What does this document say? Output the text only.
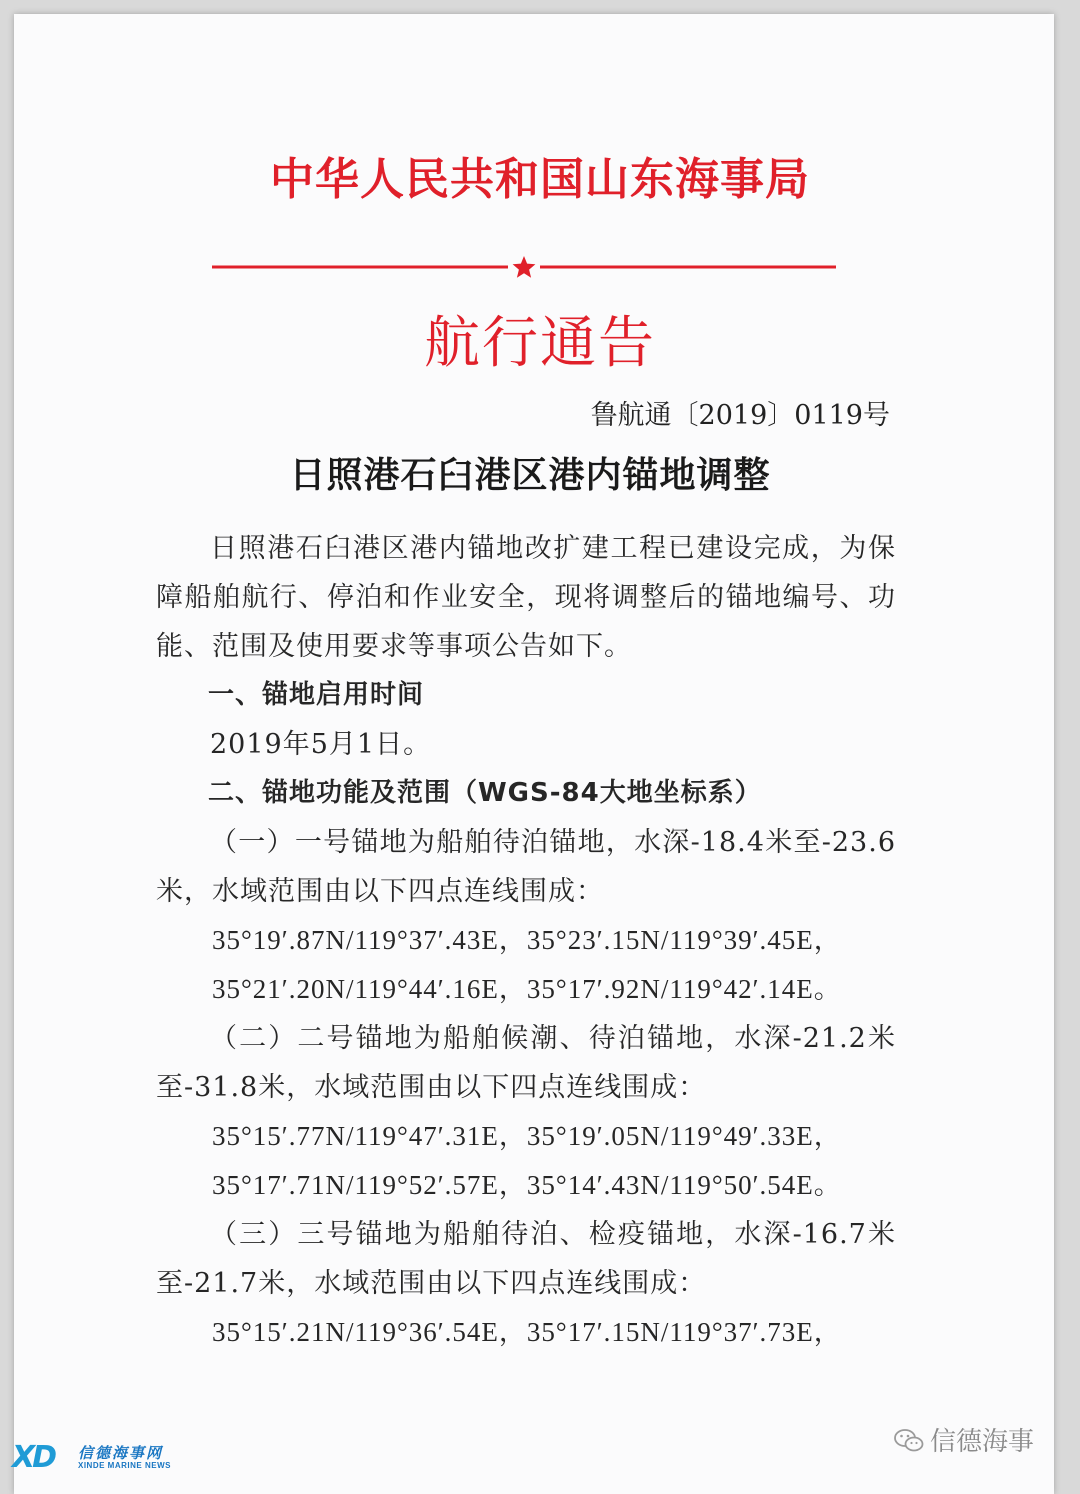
中华人民共和国山东海事局
航行通告
鲁航通〔2019〕0119号
日照港石臼港区港内锚地调整

日照港石臼港区港内锚地改扩建工程已建设完成，为保障船舶航行、停泊和作业安全，现将调整后的锚地编号、功能、范围及使用要求等事项公告如下。

一、锚地启用时间

2019年5月1日。

二、锚地功能及范围（WGS-84大地坐标系）

（一）一号锚地为船舶待泊锚地，水深-18.4米至-23.6米，水域范围由以下四点连线围成：

35°19′.87N/119°37′.43E，35°23′.15N/119°39′.45E，

35°21′.20N/119°44′.16E，35°17′.92N/119°42′.14E。

（二）二号锚地为船舶候潮、待泊锚地，水深-21.2米至-31.8米，水域范围由以下四点连线围成：

35°15′.77N/119°47′.31E，35°19′.05N/119°49′.33E，

35°17′.71N/119°52′.57E，35°14′.43N/119°50′.54E。

（三）三号锚地为船舶待泊、检疫锚地，水深-16.7米至-21.7米，水域范围由以下四点连线围成：

35°15′.21N/119°36′.54E，35°17′.15N/119°37′.73E，

XD	信德海事网
XINDE MARINE NEWS
信德海事
